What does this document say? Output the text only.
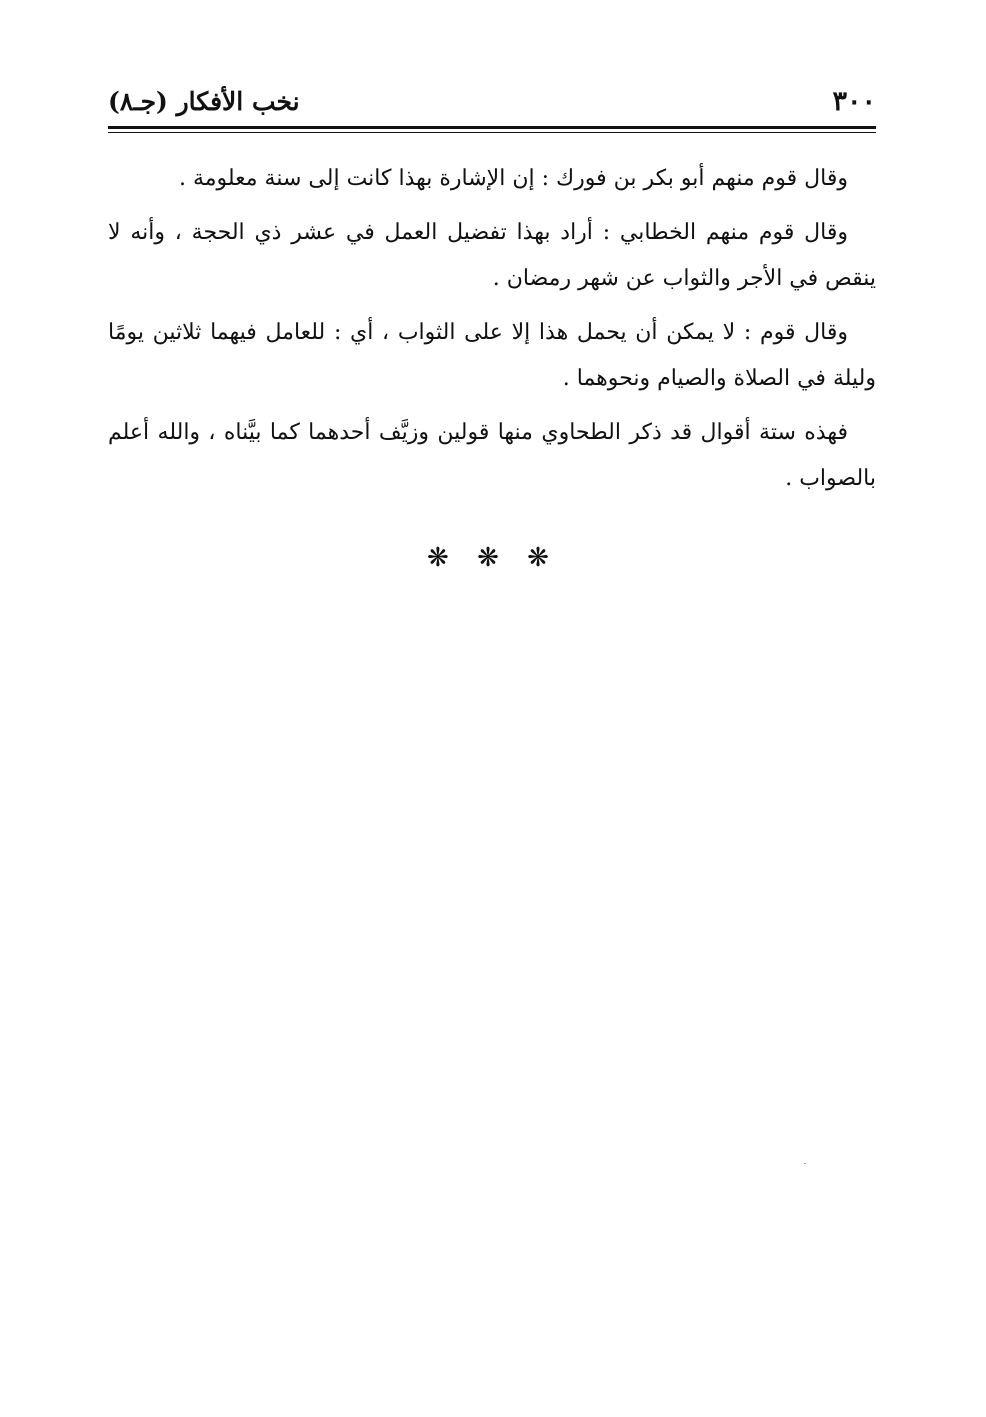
٣٠٠
نخب الأفكار (جـ٨)

وقال قوم منهم أبو بكر بن فورك : إن الإشارة بهذا كانت إلى سنة معلومة .

وقال قوم منهم الخطابي : أراد بهذا تفضيل العمل في عشر ذي الحجة ، وأنه لا ينقص في الأجر والثواب عن شهر رمضان .

وقال قوم : لا يمكن أن يحمل هذا إلا على الثواب ، أي : للعامل فيهما ثلاثين يومًا وليلة في الصلاة والصيام ونحوهما .

فهذه ستة أقوال قد ذكر الطحاوي منها قولين وزيَّف أحدهما كما بيَّناه ، والله أعلم بالصواب .

❋ ❋ ❋
